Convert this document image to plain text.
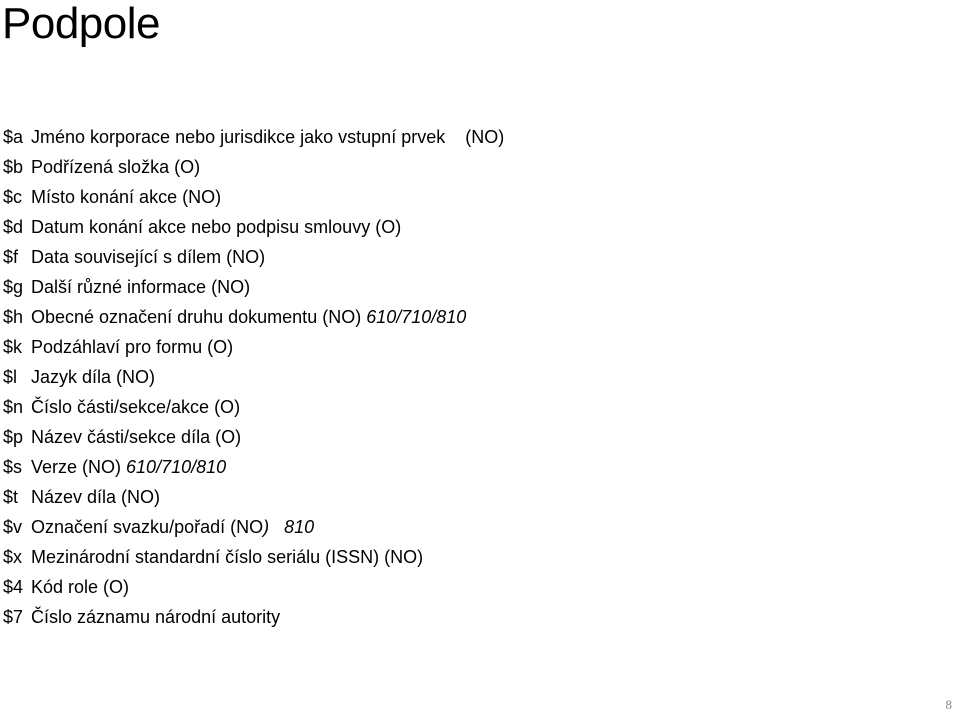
Podpole
$a Jméno korporace nebo jurisdikce jako vstupní prvek    (NO)
$b Podřízená složka (O)
$c Místo konání akce (NO)
$d Datum konání akce nebo podpisu smlouvy (O)
$f Data související s dílem (NO)
$g Další různé informace (NO)
$h Obecné označení druhu dokumentu (NO) 610/710/810
$k Podzáhlaví pro formu (O)
$l Jazyk díla (NO)
$n Číslo části/sekce/akce (O)
$p Název části/sekce díla (O)
$s Verze (NO) 610/710/810
$t Název díla (NO)
$v Označení svazku/pořadí (NO)   810
$x Mezinárodní standardní číslo seriálu (ISSN) (NO)
$4 Kód role (O)
$7 Číslo záznamu národní autority
8
